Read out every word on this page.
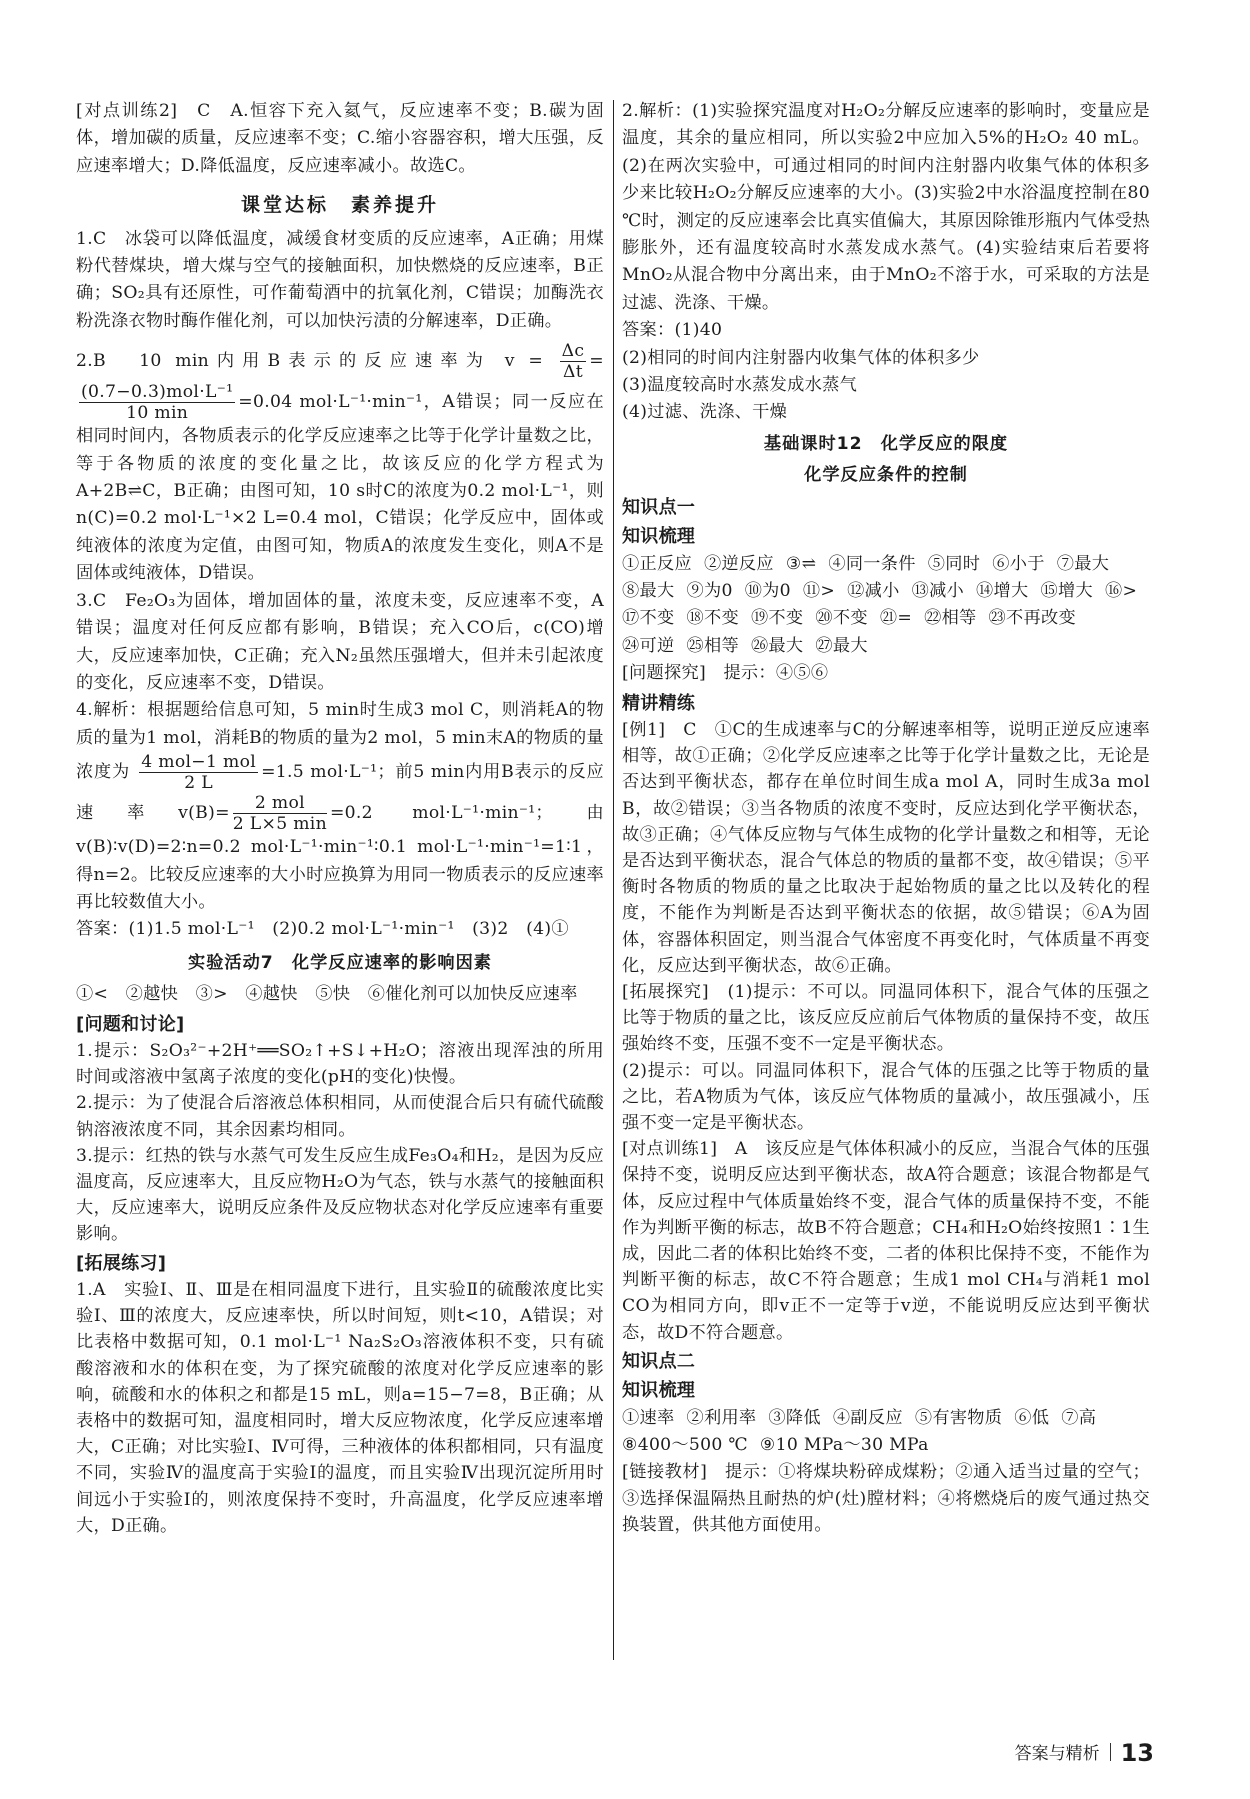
[对点训练2]　C　A.恒容下充入氦气，反应速率不变；B.碳为固体，增加碳的质量，反应速率不变；C.缩小容器容积，增大压强，反应速率增大；D.降低温度，反应速率减小。故选C。

课堂达标　素养提升

1.C　冰袋可以降低温度，减缓食材变质的反应速率，A正确；用煤粉代替煤块，增大煤与空气的接触面积，加快燃烧的反应速率，B正确；SO₂具有还原性，可作葡萄酒中的抗氧化剂，C错误；加酶洗衣粉洗涤衣物时酶作催化剂，可以加快污渍的分解速率，D正确。

2.B　10 min内用B表示的反应速率为 $v = \frac{\Delta c}{\Delta t}$ =
$\frac{\text{(0.7−0.3)mol·L⁻¹}}{10 \min} =0.04$ mol·L⁻¹·min⁻¹，A错误；同一反应在相同时间内，各物质表示的化学反应速率之比等于化学计量数之比，等于各物质的浓度的变化量之比，故该反应的化学方程式为A+2B⇌C，B正确；由图可知，10 s时C的浓度为0.2 mol·L⁻¹，则n(C)=0.2 mol·L⁻¹×2 L=0.4 mol，C错误；化学反应中，固体或纯液体的浓度为定值，由图可知，物质A的浓度发生变化，则A不是固体或纯液体，D错误。

3.C　Fe₂O₃为固体，增加固体的量，浓度未变，反应速率不变，A错误；温度对任何反应都有影响，B错误；充入CO后，c(CO)增大，反应速率加快，C正确；充入N₂虽然压强增大，但并未引起浓度的变化，反应速率不变，D错误。

4.解析：根据题给信息可知，5 min时生成3 mol C，则消耗A的物质的量为1 mol，消耗B的物质的量为2 mol，5 min末A的物质的量浓度为 $\frac{\text{4 mol−1 mol}}{2 L} =1.5$ mol·L⁻¹；前5 min内用B表示的反应速率$v(B)= \frac{\text{2 mol}}{2 L\times 5 \min} =0.2$ mol·L⁻¹·min⁻¹；由v(B)∶v(D)=2∶n=0.2 mol·L⁻¹·min⁻¹∶0.1 mol·L⁻¹·min⁻¹=1∶1，得n=2。比较反应速率的大小时应换算为用同一物质表示的反应速率再比较数值大小。

答案：(1)1.5 mol·L⁻¹　(2)0.2 mol·L⁻¹·min⁻¹　(3)2　(4)①

实验活动7　化学反应速率的影响因素

①<　②越快　③>　④越快　⑤快　⑥催化剂可以加快反应速率

[问题和讨论]

1.提示：S₂O₃²⁻+2H⁺══SO₂↑+S↓+H₂O；溶液出现浑浊的所用时间或溶液中氢离子浓度的变化(pH的变化)快慢。

2.提示：为了使混合后溶液总体积相同，从而使混合后只有硫代硫酸钠溶液浓度不同，其余因素均相同。

3.提示：红热的铁与水蒸气可发生反应生成Fe₃O₄和H₂，是因为反应温度高，反应速率大，且反应物H₂O为气态，铁与水蒸气的接触面积大，反应速率大，说明反应条件及反应物状态对化学反应速率有重要影响。

[拓展练习]

1.A　实验Ⅰ、Ⅱ、Ⅲ是在相同温度下进行，且实验Ⅱ的硫酸浓度比实验Ⅰ、Ⅲ的浓度大，反应速率快，所以时间短，则t<10，A错误；对比表格中数据可知，0.1 mol·L⁻¹ Na₂S₂O₃溶液体积不变，只有硫酸溶液和水的体积在变，为了探究硫酸的浓度对化学反应速率的影响，硫酸和水的体积之和都是15 mL，则a=15−7=8，B正确；从表格中的数据可知，温度相同时，增大反应物浓度，化学反应速率增大，C正确；对比实验Ⅰ、Ⅳ可得，三种液体的体积都相同，只有温度不同，实验Ⅳ的温度高于实验Ⅰ的温度，而且实验Ⅳ出现沉淀所用时间远小于实验Ⅰ的，则浓度保持不变时，升高温度，化学反应速率增大，D正确。

2.解析：(1)实验探究温度对H₂O₂分解反应速率的影响时，变量应是温度，其余的量应相同，所以实验2中应加入5%的H₂O₂ 40 mL。(2)在两次实验中，可通过相同的时间内注射器内收集气体的体积多少来比较H₂O₂分解反应速率的大小。(3)实验2中水浴温度控制在80 ℃时，测定的反应速率会比真实值偏大，其原因除锥形瓶内气体受热膨胀外，还有温度较高时水蒸发成水蒸气。(4)实验结束后若要将MnO₂从混合物中分离出来，由于MnO₂不溶于水，可采取的方法是过滤、洗涤、干燥。

答案：(1)40

(2)相同的时间内注射器内收集气体的体积多少

(3)温度较高时水蒸发成水蒸气

(4)过滤、洗涤、干燥

基础课时12　化学反应的限度
化学反应条件的控制
知识点一
知识梳理
①正反应 ②逆反应 ③⇌ ④同一条件 ⑤同时 ⑥小于 ⑦最大
⑧最大 ⑨为0 ⑩为0 ⑪> ⑫减小 ⑬减小 ⑭增大 ⑮增大 ⑯>
⑰不变 ⑱不变 ⑲不变 ⑳不变 ㉑= ㉒相等 ㉓不再改变
㉔可逆 ㉕相等 ㉖最大 ㉗最大

[问题探究]　提示：④⑤⑥

精讲精练

[例1]　C　①C的生成速率与C的分解速率相等，说明正逆反应速率相等，故①正确；②化学反应速率之比等于化学计量数之比，无论是否达到平衡状态，都存在单位时间生成a mol A，同时生成3a mol B，故②错误；③当各物质的浓度不变时，反应达到化学平衡状态，故③正确；④气体反应物与气体生成物的化学计量数之和相等，无论是否达到平衡状态，混合气体总的物质的量都不变，故④错误；⑤平衡时各物质的物质的量之比取决于起始物质的量之比以及转化的程度，不能作为判断是否达到平衡状态的依据，故⑤错误；⑥A为固体，容器体积固定，则当混合气体密度不再变化时，气体质量不再变化，反应达到平衡状态，故⑥正确。

[拓展探究]　(1)提示：不可以。同温同体积下，混合气体的压强之比等于物质的量之比，该反应反应前后气体物质的量保持不变，故压强始终不变，压强不变不一定是平衡状态。

(2)提示：可以。同温同体积下，混合气体的压强之比等于物质的量之比，若A物质为气体，该反应气体物质的量减小，故压强减小，压强不变一定是平衡状态。

[对点训练1]　A　该反应是气体体积减小的反应，当混合气体的压强保持不变，说明反应达到平衡状态，故A符合题意；该混合物都是气体，反应过程中气体质量始终不变，混合气体的质量保持不变，不能作为判断平衡的标志，故B不符合题意；CH₄和H₂O始终按照1∶1生成，因此二者的体积比始终不变，二者的体积比保持不变，不能作为判断平衡的标志，故C不符合题意；生成1 mol CH₄与消耗1 mol CO为相同方向，即v正不一定等于v逆，不能说明反应达到平衡状态，故D不符合题意。

知识点二
知识梳理
①速率 ②利用率 ③降低 ④副反应 ⑤有害物质 ⑥低 ⑦高
⑧400～500 ℃ ⑨10 MPa～30 MPa

[链接教材]　提示：①将煤块粉碎成煤粉；②通入适当过量的空气；③选择保温隔热且耐热的炉(灶)膛材料；④将燃烧后的废气通过热交换装置，供其他方面使用。

答案与精析 13
